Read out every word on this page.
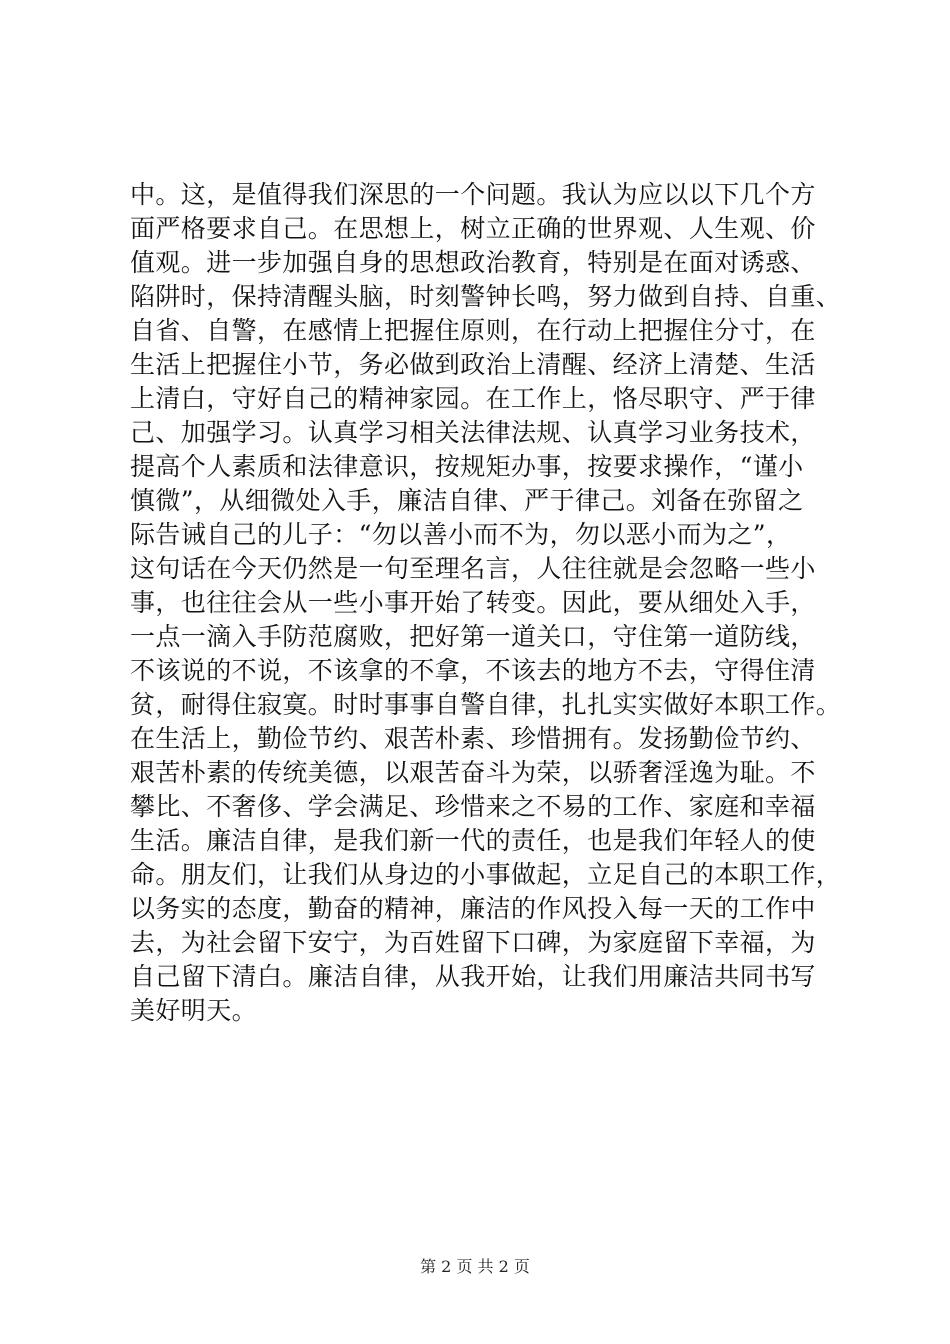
中。这，是值得我们深思的一个问题。我认为应以以下几个方
面严格要求自己。在思想上，树立正确的世界观、人生观、价
值观。进一步加强自身的思想政治教育，特别是在面对诱惑、
陷阱时，保持清醒头脑，时刻警钟长鸣，努力做到自持、自重、
自省、自警，在感情上把握住原则，在行动上把握住分寸，在
生活上把握住小节，务必做到政治上清醒、经济上清楚、生活
上清白，守好自己的精神家园。在工作上，恪尽职守、严于律
己、加强学习。认真学习相关法律法规、认真学习业务技术，
提高个人素质和法律意识，按规矩办事，按要求操作，“谨小
慎微”，从细微处入手，廉洁自律、严于律己。刘备在弥留之
际告诫自己的儿子：“勿以善小而不为，勿以恶小而为之”，
这句话在今天仍然是一句至理名言，人往往就是会忽略一些小
事，也往往会从一些小事开始了转变。因此，要从细处入手，
一点一滴入手防范腐败，把好第一道关口，守住第一道防线，
不该说的不说，不该拿的不拿，不该去的地方不去，守得住清
贫，耐得住寂寞。时时事事自警自律，扎扎实实做好本职工作。
在生活上，勤俭节约、艰苦朴素、珍惜拥有。发扬勤俭节约、
艰苦朴素的传统美德，以艰苦奋斗为荣，以骄奢淫逸为耻。不
攀比、不奢侈、学会满足、珍惜来之不易的工作、家庭和幸福
生活。廉洁自律，是我们新一代的责任，也是我们年轻人的使
命。朋友们，让我们从身边的小事做起，立足自己的本职工作，
以务实的态度，勤奋的精神，廉洁的作风投入每一天的工作中
去，为社会留下安宁，为百姓留下口碑，为家庭留下幸福，为
自己留下清白。廉洁自律，从我开始，让我们用廉洁共同书写
美好明天。
第 2 页 共 2 页
